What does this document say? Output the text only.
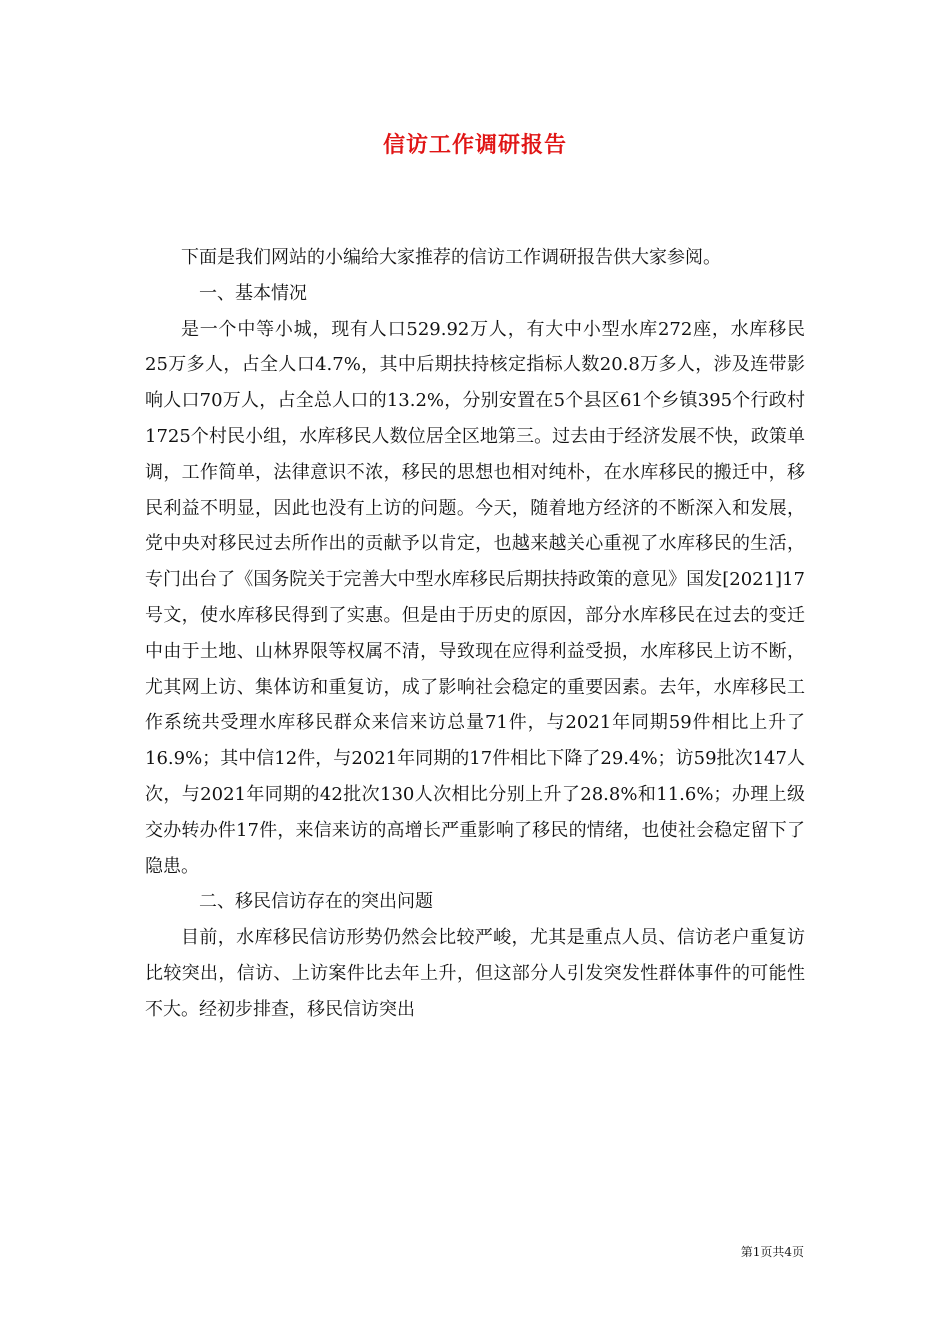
信访工作调研报告

下面是我们网站的小编给大家推荐的信访工作调研报告供大家参阅。

一、基本情况

是一个中等小城，现有人口529.92万人，有大中小型水库272座，水库移民25万多人，占全人口4.7%，其中后期扶持核定指标人数20.8万多人，涉及连带影响人口70万人，占全总人口的13.2%，分别安置在5个县区61个乡镇395个行政村1725个村民小组，水库移民人数位居全区地第三。过去由于经济发展不快，政策单调，工作简单，法律意识不浓，移民的思想也相对纯朴，在水库移民的搬迁中，移民利益不明显，因此也没有上访的问题。今天，随着地方经济的不断深入和发展，党中央对移民过去所作出的贡献予以肯定，也越来越关心重视了水库移民的生活，专门出台了《国务院关于完善大中型水库移民后期扶持政策的意见》国发[2021]17号文，使水库移民得到了实惠。但是由于历史的原因，部分水库移民在过去的变迁中由于土地、山林界限等权属不清，导致现在应得利益受损，水库移民上访不断，尤其网上访、集体访和重复访，成了影响社会稳定的重要因素。去年，水库移民工作系统共受理水库移民群众来信来访总量71件，与2021年同期59件相比上升了16.9%；其中信12件，与2021年同期的17件相比下降了29.4%；访59批次147人次，与2021年同期的42批次130人次相比分别上升了28.8%和11.6%；办理上级交办转办件17件，来信来访的高增长严重影响了移民的情绪，也使社会稳定留下了隐患。

二、移民信访存在的突出问题

目前，水库移民信访形势仍然会比较严峻，尤其是重点人员、信访老户重复访比较突出，信访、上访案件比去年上升，但这部分人引发突发性群体事件的可能性不大。经初步排查，移民信访突出

第1页共4页
